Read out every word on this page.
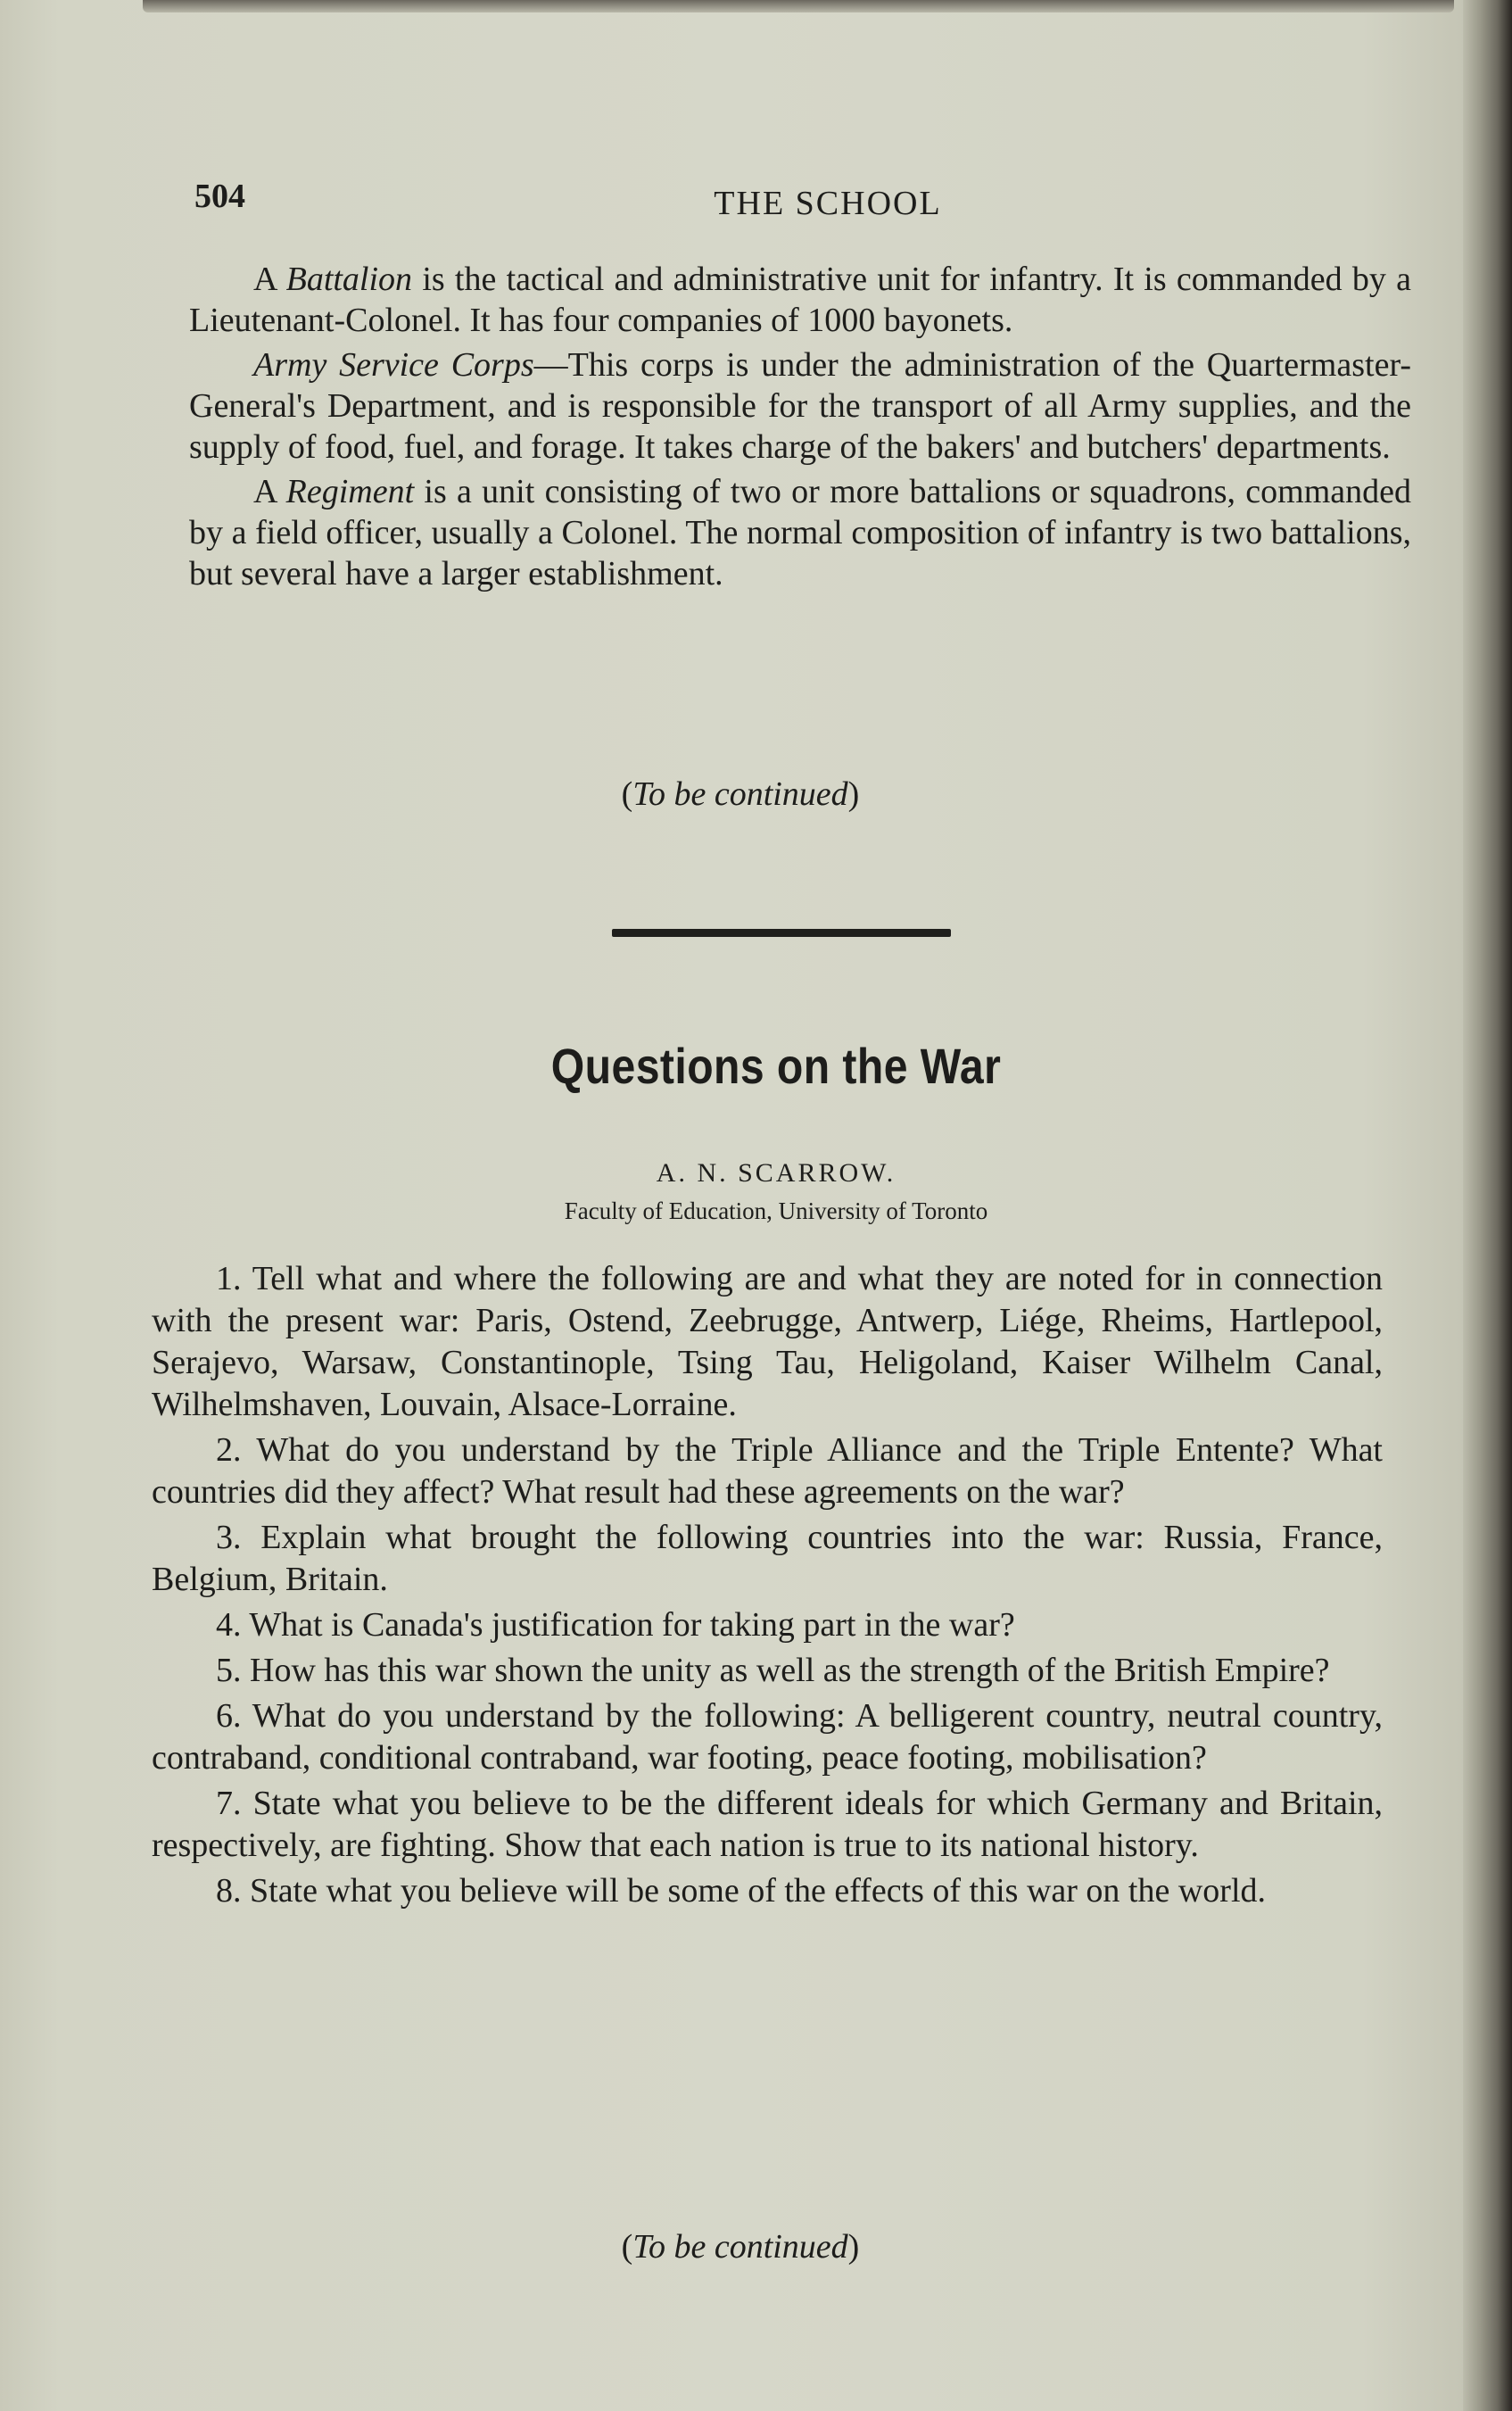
504	THE SCHOOL

A Battalion is the tactical and administrative unit for infantry. It is commanded by a Lieutenant-Colonel. It has four companies of 1000 bayonets.

Army Service Corps—This corps is under the administration of the Quartermaster-General's Department, and is responsible for the transport of all Army supplies, and the supply of food, fuel, and forage. It takes charge of the bakers' and butchers' departments.

A Regiment is a unit consisting of two or more battalions or squadrons, commanded by a field officer, usually a Colonel. The normal composition of infantry is two battalions, but several have a larger establishment.

(To be continued)
Questions on the War
A. N. SCARROW.
Faculty of Education, University of Toronto

1. Tell what and where the following are and what they are noted for in connection with the present war: Paris, Ostend, Zeebrugge, Antwerp, Liége, Rheims, Hartlepool, Serajevo, Warsaw, Constantinople, Tsing Tau, Heligoland, Kaiser Wilhelm Canal, Wilhelmshaven, Louvain, Alsace-Lorraine.

2. What do you understand by the Triple Alliance and the Triple Entente? What countries did they affect? What result had these agreements on the war?

3. Explain what brought the following countries into the war: Russia, France, Belgium, Britain.

4. What is Canada's justification for taking part in the war?

5. How has this war shown the unity as well as the strength of the British Empire?

6. What do you understand by the following: A belligerent country, neutral country, contraband, conditional contraband, war footing, peace footing, mobilisation?

7. State what you believe to be the different ideals for which Germany and Britain, respectively, are fighting. Show that each nation is true to its national history.

8. State what you believe will be some of the effects of this war on the world.

(To be continued)
